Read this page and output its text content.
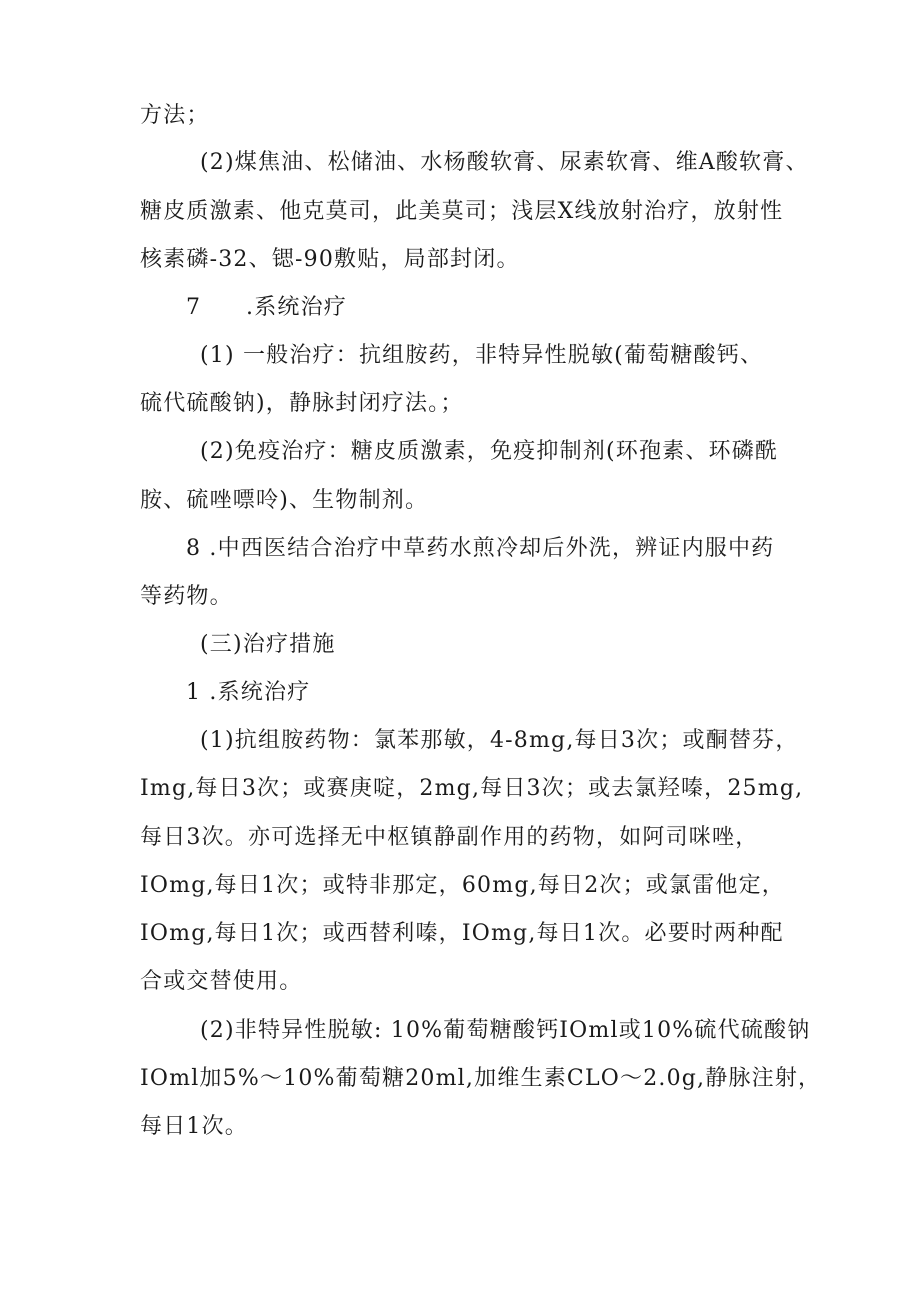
方法；

(2)煤焦油、松储油、水杨酸软膏、尿素软膏、维A酸软膏、

糖皮质激素、他克莫司，此美莫司；浅层X线放射治疗，放射性

核素磷-32、锶-90敷贴，局部封闭。

7 .系统治疗

(1) 一般治疗：抗组胺药，非特异性脱敏(葡萄糖酸钙、

硫代硫酸钠)，静脉封闭疗法。；

(2)免疫治疗：糖皮质激素，免疫抑制剂(环孢素、环磷酰

胺、硫唑嘌呤)、生物制剂。

8 .中西医结合治疗中草药水煎冷却后外洗，辨证内服中药

等药物。

(三)治疗措施

1 .系统治疗

(1)抗组胺药物：氯苯那敏，4-8mg,每日3次；或酮替芬，

Img,每日3次；或赛庚啶，2mg,每日3次；或去氯羟嗪，25mg,

每日3次。亦可选择无中枢镇静副作用的药物，如阿司咪唑，

IOmg,每日1次；或特非那定，60mg,每日2次；或氯雷他定，

IOmg,每日1次；或西替利嗪，IOmg,每日1次。必要时两种配

合或交替使用。

(2)非特异性脱敏: 10%葡萄糖酸钙IOml或10%硫代硫酸钠

IOml加5%～10%葡萄糖20ml,加维生素CLO～2.0g,静脉注射，

每日1次。
